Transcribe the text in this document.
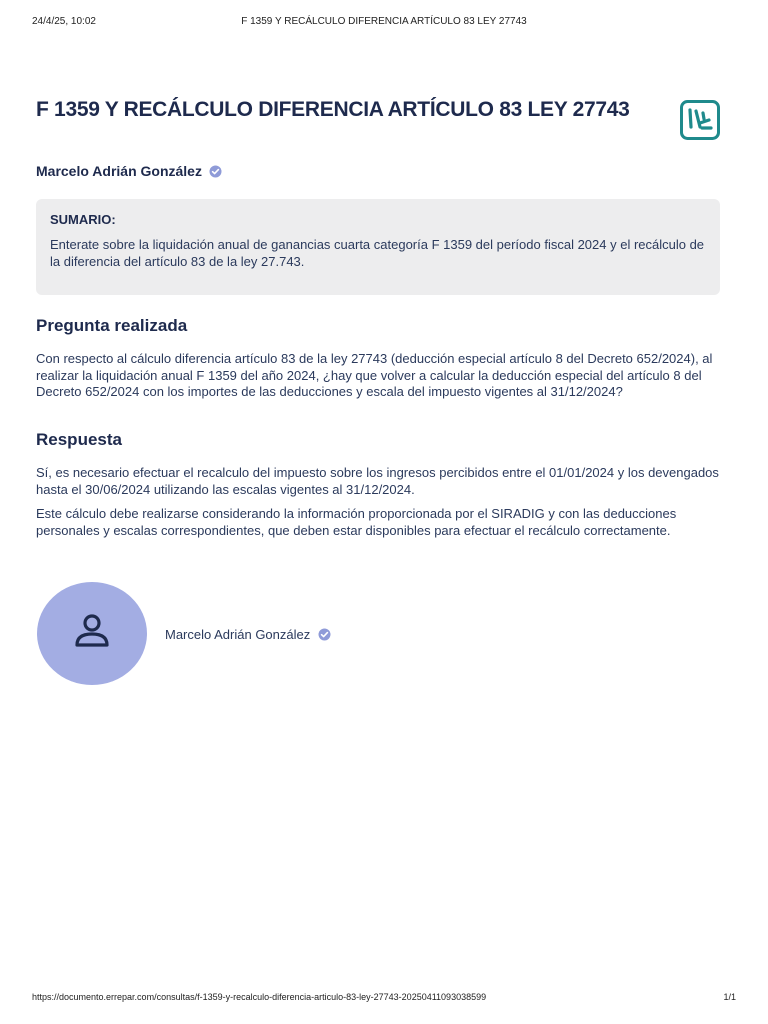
24/4/25, 10:02	F 1359 Y RECÁLCULO DIFERENCIA ARTÍCULO 83 LEY 27743
F 1359 Y RECÁLCULO DIFERENCIA ARTÍCULO 83 LEY 27743
Marcelo Adrián González
SUMARIO:
Enterate sobre la liquidación anual de ganancias cuarta categoría F 1359 del período fiscal 2024 y el recálculo de la diferencia del artículo 83 de la ley 27.743.
Pregunta realizada

Con respecto al cálculo diferencia artículo 83 de la ley 27743 (deducción especial artículo 8 del Decreto 652/2024), al realizar la liquidación anual F 1359 del año 2024, ¿hay que volver a calcular la deducción especial del artículo 8 del Decreto 652/2024 con los importes de las deducciones y escala del impuesto vigentes al 31/12/2024?

Respuesta

Sí, es necesario efectuar el recalculo del impuesto sobre los ingresos percibidos entre el 01/01/2024 y los devengados hasta el 30/06/2024 utilizando las escalas vigentes al 31/12/2024.

Este cálculo debe realizarse considerando la información proporcionada por el SIRADIG y con las deducciones personales y escalas correspondientes, que deben estar disponibles para efectuar el recálculo correctamente.

Marcelo Adrián González
https://documento.errepar.com/consultas/f-1359-y-recalculo-diferencia-articulo-83-ley-27743-20250411093038599	1/1
